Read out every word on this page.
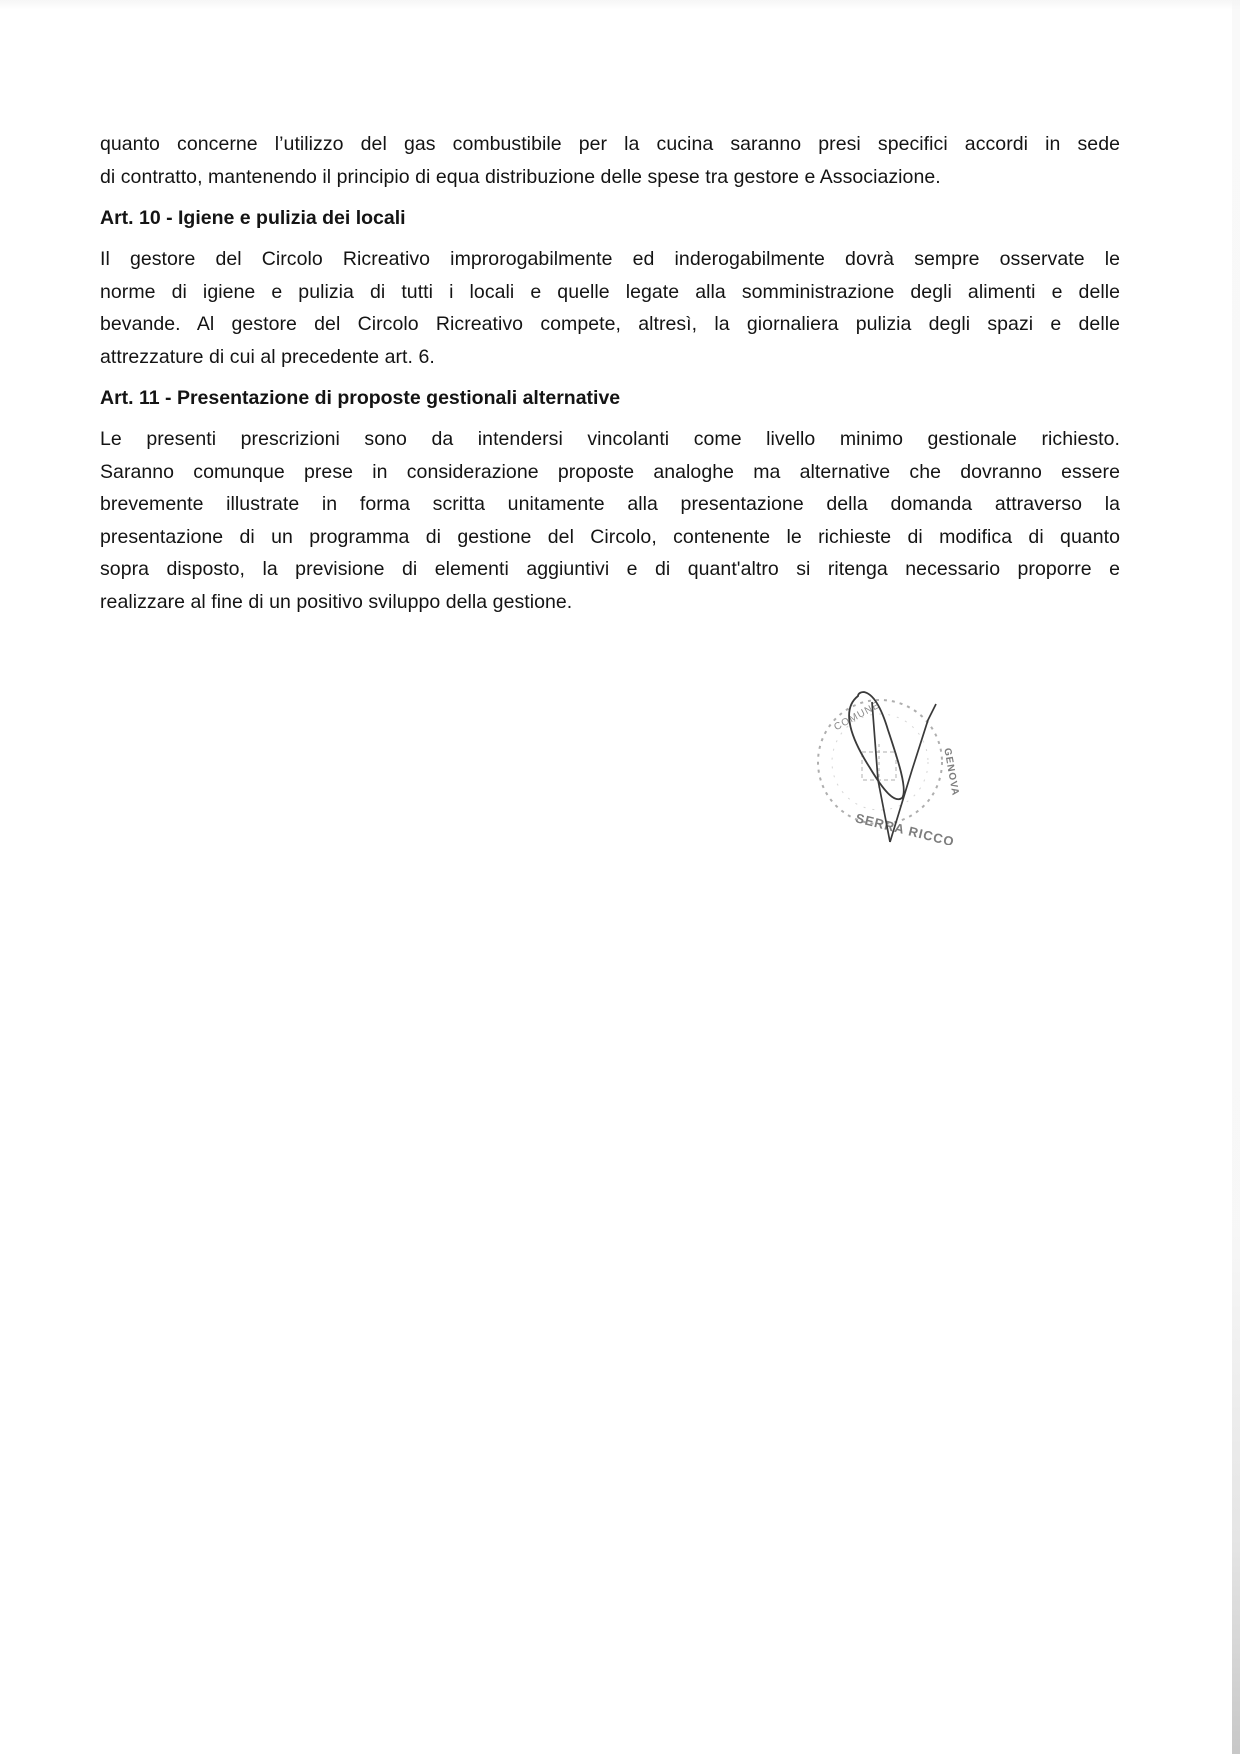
quanto concerne l’utilizzo del gas combustibile per la cucina saranno presi specifici accordi in sede
di contratto, mantenendo il principio di equa distribuzione delle spese tra gestore e Associazione.

Art. 10 - Igiene e pulizia dei locali

Il gestore del Circolo Ricreativo improrogabilmente ed inderogabilmente dovrà sempre osservate le
norme di igiene e pulizia di tutti i locali e quelle legate alla somministrazione degli alimenti e delle
bevande. Al gestore del Circolo Ricreativo compete, altresì, la giornaliera pulizia degli spazi e delle
attrezzature di cui al precedente art. 6.

Art. 11 - Presentazione di proposte gestionali alternative

Le presenti prescrizioni sono da intendersi vincolanti come livello minimo gestionale richiesto.
Saranno comunque prese in considerazione proposte analoghe ma alternative che dovranno essere
brevemente illustrate in forma scritta unitamente alla presentazione della domanda attraverso la
presentazione di un programma di gestione del Circolo, contenente le richieste di modifica di quanto
sopra disposto, la previsione di elementi aggiuntivi e di quant'altro si ritenga necessario proporre e
realizzare al fine di un positivo sviluppo della gestione.

SERRA RICCO
COMUNE
GENOVA
